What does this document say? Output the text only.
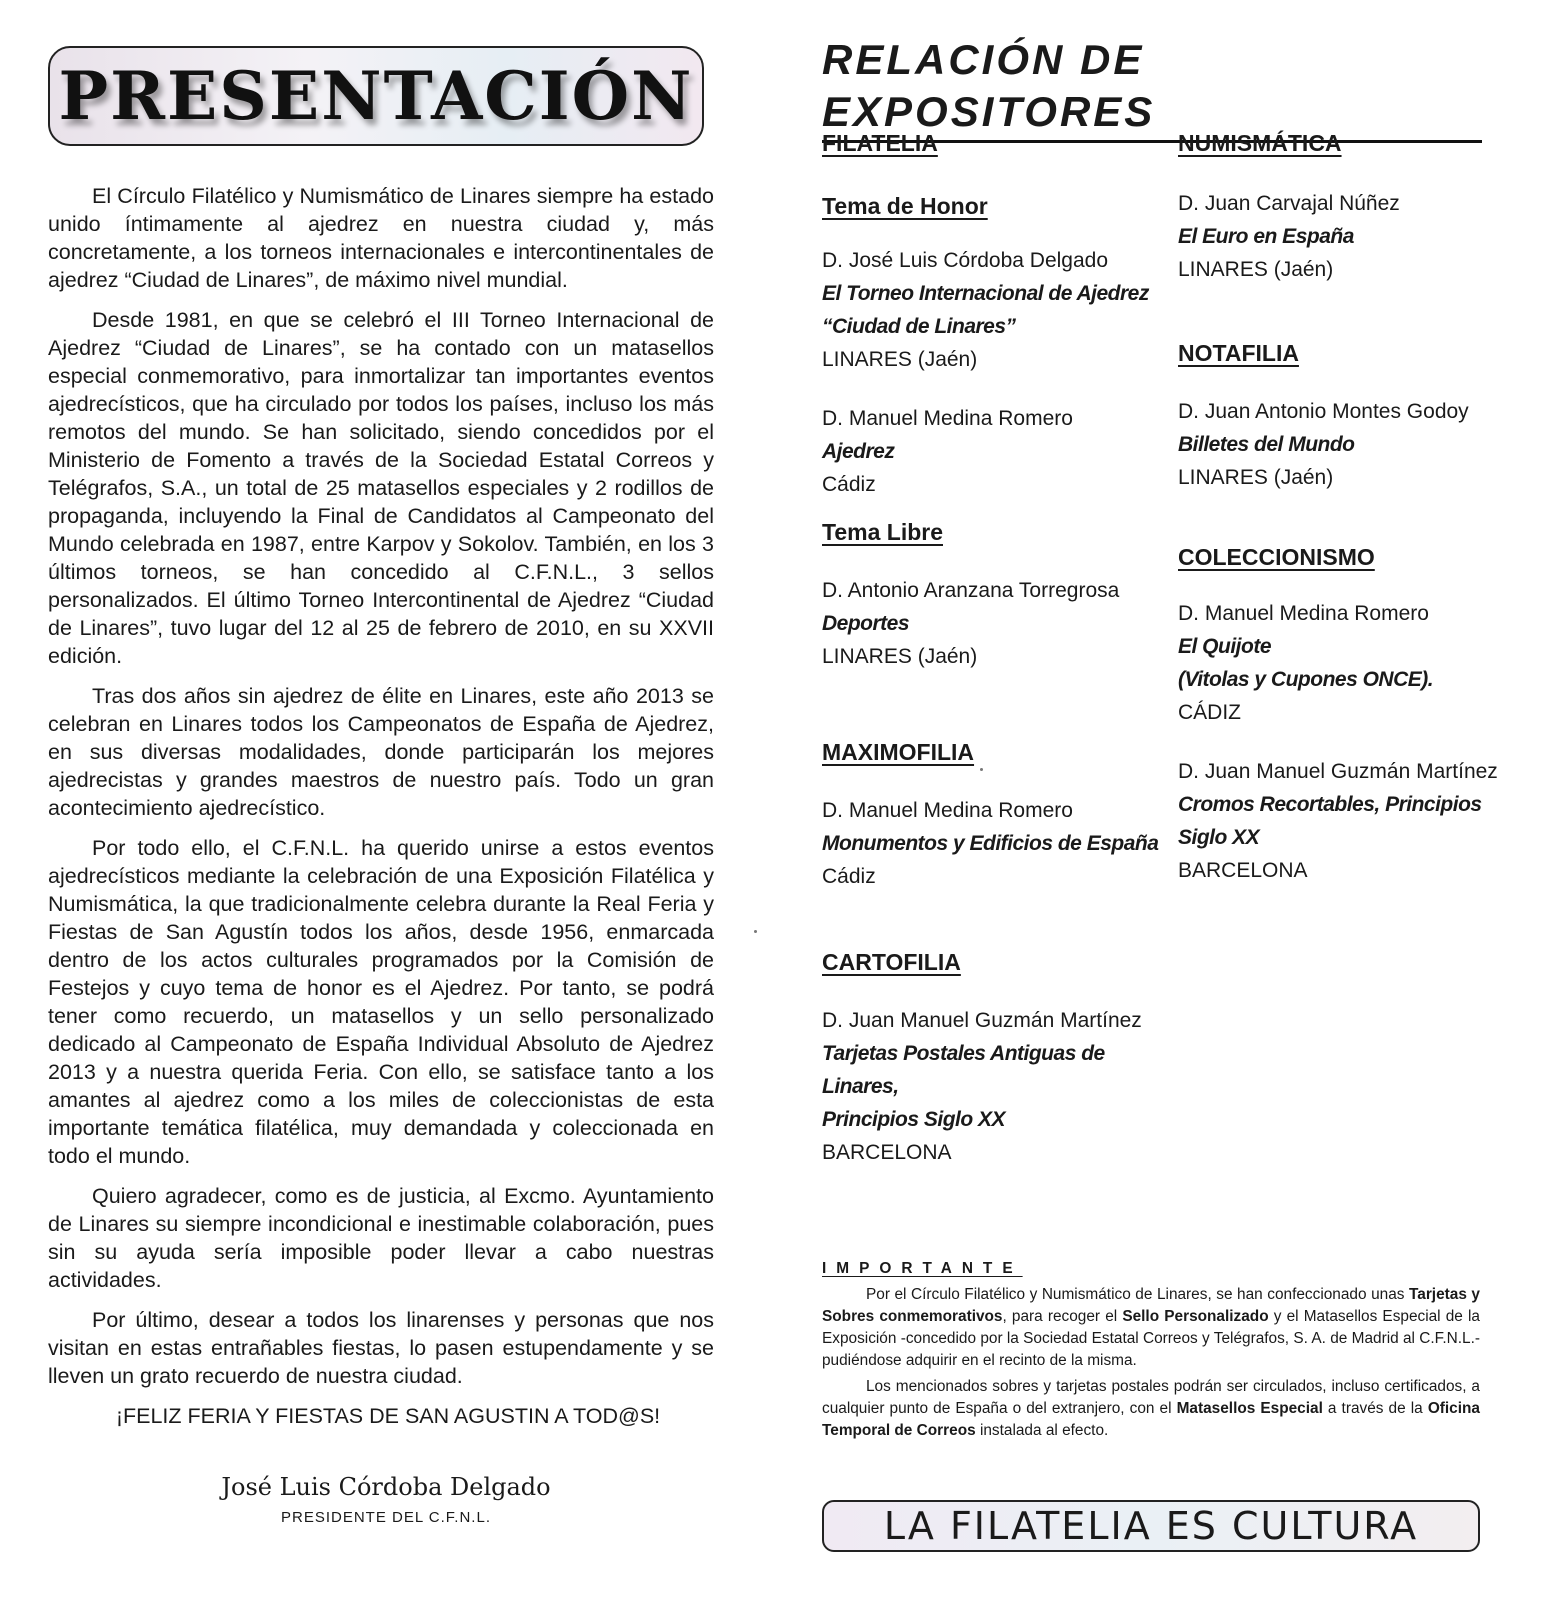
PRESENTACIÓN

El Círculo Filatélico y Numismático de Linares siempre ha estado unido íntimamente al ajedrez en nuestra ciudad y, más concretamente, a los torneos internacionales e intercontinentales de ajedrez “Ciudad de Linares”, de máximo nivel mundial.

Desde 1981, en que se celebró el III Torneo Internacional de Ajedrez “Ciudad de Linares”, se ha contado con un matasellos especial conmemorativo, para inmortalizar tan importantes eventos ajedrecísticos, que ha circulado por todos los países, incluso los más remotos del mundo. Se han solicitado, siendo concedidos por el Ministerio de Fomento a través de la Sociedad Estatal Correos y Telégrafos, S.A., un total de 25 matasellos especiales y 2 rodillos de propaganda, incluyendo la Final de Candidatos al Campeonato del Mundo celebrada en 1987, entre Karpov y Sokolov. También, en los 3 últimos torneos, se han concedido al C.F.N.L., 3 sellos personalizados. El último Torneo Intercontinental de Ajedrez “Ciudad de Linares”, tuvo lugar del 12 al 25 de febrero de 2010, en su XXVII edición.

Tras dos años sin ajedrez de élite en Linares, este año 2013 se celebran en Linares todos los Campeonatos de España de Ajedrez, en sus diversas modalidades, donde participarán los mejores ajedrecistas y grandes maestros de nuestro país. Todo un gran acontecimiento ajedrecístico.

Por todo ello, el C.F.N.L. ha querido unirse a estos eventos ajedrecísticos mediante la celebración de una Exposición Filatélica y Numismática, la que tradicionalmente celebra durante la Real Feria y Fiestas de San Agustín todos los años, desde 1956, enmarcada dentro de los actos culturales programados por la Comisión de Festejos y cuyo tema de honor es el Ajedrez. Por tanto, se podrá tener como recuerdo, un matasellos y un sello personalizado dedicado al Campeonato de España Individual Absoluto de Ajedrez 2013 y a nuestra querida Feria. Con ello, se satisface tanto a los amantes al ajedrez como a los miles de coleccionistas de esta importante temática filatélica, muy demandada y coleccionada en todo el mundo.

Quiero agradecer, como es de justicia, al Excmo. Ayuntamiento de Linares su siempre incondicional e inestimable colaboración, pues sin su ayuda sería imposible poder llevar a cabo nuestras actividades.

Por último, desear a todos los linarenses y personas que nos visitan en estas entrañables fiestas, lo pasen estupendamente y se lleven un grato recuerdo de nuestra ciudad.

¡FELIZ FERIA Y FIESTAS DE SAN AGUSTIN A TOD@S!
José Luis Córdoba Delgado
PRESIDENTE DEL C.F.N.L.
RELACIÓN DE EXPOSITORES

FILATELIA

Tema de Honor

D. José Luis Córdoba Delgado

El Torneo Internacional de Ajedrez

“Ciudad de Linares”

LINARES (Jaén)

D. Manuel Medina Romero

Ajedrez

Cádiz

Tema Libre

D. Antonio Aranzana Torregrosa

Deportes

LINARES (Jaén)

MAXIMOFILIA

D. Manuel Medina Romero

Monumentos y Edificios de España

Cádiz

CARTOFILIA

D. Juan Manuel Guzmán Martínez

Tarjetas Postales Antiguas de Linares,

Principios Siglo XX

BARCELONA

NUMISMÁTICA

D. Juan Carvajal Núñez

El Euro en España

LINARES (Jaén)

NOTAFILIA

D. Juan Antonio Montes Godoy

Billetes del Mundo

LINARES (Jaén)

COLECCIONISMO

D. Manuel Medina Romero

El Quijote

(Vitolas y Cupones ONCE).

CÁDIZ

D. Juan Manuel Guzmán Martínez

Cromos Recortables, Principios

Siglo XX

BARCELONA

IMPORTANTE

Por el Círculo Filatélico y Numismático de Linares, se han confeccionado unas Tarjetas y Sobres conmemorativos, para recoger el Sello Personalizado y el Matasellos Especial de la Exposición -concedido por la Sociedad Estatal Correos y Telégrafos, S. A. de Madrid al C.F.N.L.- pudiéndose adquirir en el recinto de la misma.

Los mencionados sobres y tarjetas postales podrán ser circulados, incluso certificados, a cualquier punto de España o del extranjero, con el Matasellos Especial a través de la Oficina Temporal de Correos instalada al efecto.

LA FILATELIA ES CULTURA
